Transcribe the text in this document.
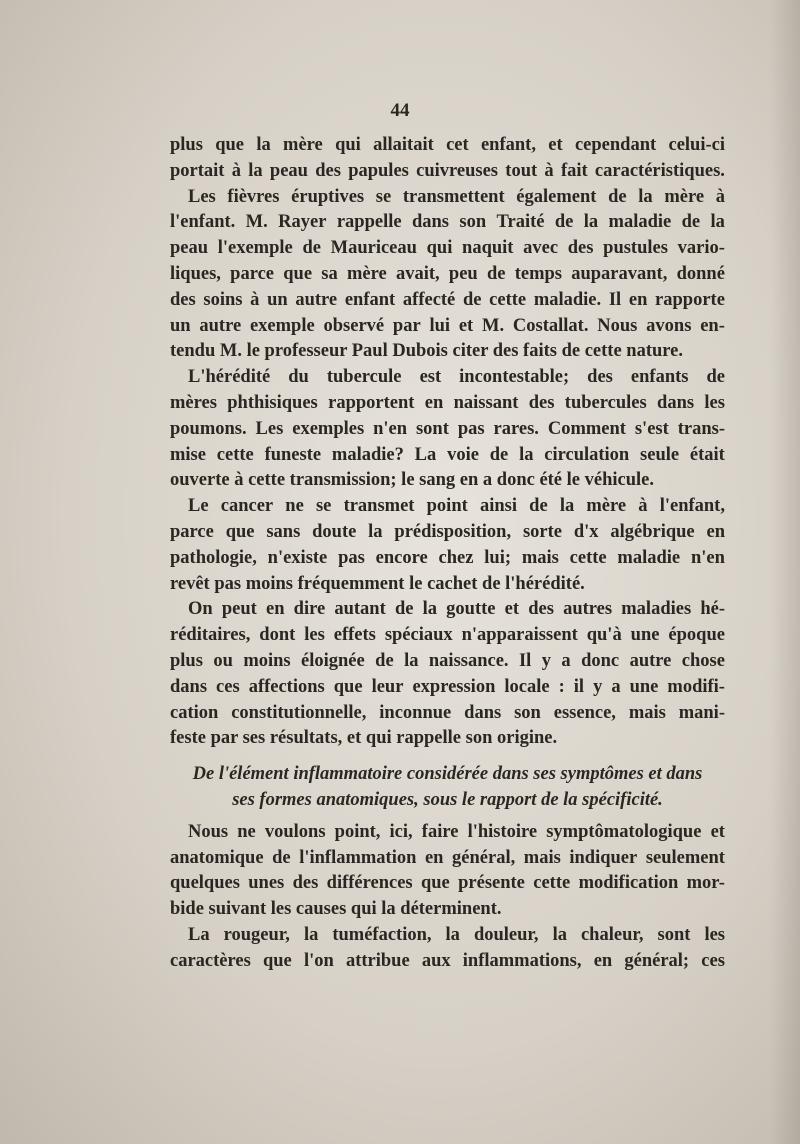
44
plus que la mère qui allaitait cet enfant, et cependant celui-ci
portait à la peau des papules cuivreuses tout à fait caractéristiques.
Les fièvres éruptives se transmettent également de la mère à
l'enfant. M. Rayer rappelle dans son Traité de la maladie de la
peau l'exemple de Mauriceau qui naquit avec des pustules vario-
liques, parce que sa mère avait, peu de temps auparavant, donné
des soins à un autre enfant affecté de cette maladie. Il en rapporte
un autre exemple observé par lui et M. Costallat. Nous avons en-
tendu M. le professeur Paul Dubois citer des faits de cette nature.
L'hérédité du tubercule est incontestable; des enfants de
mères phthisiques rapportent en naissant des tubercules dans les
poumons. Les exemples n'en sont pas rares. Comment s'est trans-
mise cette funeste maladie? La voie de la circulation seule était
ouverte à cette transmission; le sang en a donc été le véhicule.
Le cancer ne se transmet point ainsi de la mère à l'enfant,
parce que sans doute la prédisposition, sorte d'x algébrique en
pathologie, n'existe pas encore chez lui; mais cette maladie n'en
revêt pas moins fréquemment le cachet de l'hérédité.
On peut en dire autant de la goutte et des autres maladies hé-
réditaires, dont les effets spéciaux n'apparaissent qu'à une époque
plus ou moins éloignée de la naissance. Il y a donc autre chose
dans ces affections que leur expression locale : il y a une modifi-
cation constitutionnelle, inconnue dans son essence, mais mani-
feste par ses résultats, et qui rappelle son origine.
De l'élément inflammatoire considérée dans ses symptômes et dans
ses formes anatomiques, sous le rapport de la spécificité.
Nous ne voulons point, ici, faire l'histoire symptômatologique et
anatomique de l'inflammation en général, mais indiquer seulement
quelques unes des différences que présente cette modification mor-
bide suivant les causes qui la déterminent.
La rougeur, la tuméfaction, la douleur, la chaleur, sont les
caractères que l'on attribue aux inflammations, en général; ces
